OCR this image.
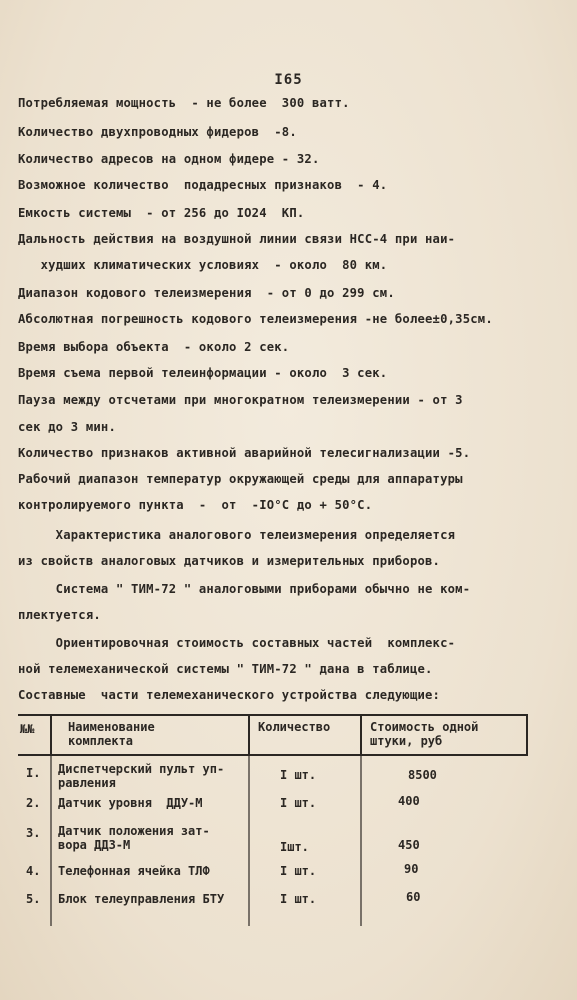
I65
Потребляемая мощность  - не более  300 ватт.
Количество двухпроводных фидеров  -8.
Количество адресов на одном фидере - 32.
Возможное количество  подадресных признаков  - 4.
Емкость системы  - от 256 до IO24  КП.
Дальность действия на воздушной линии связи НСС-4 при наи-
худших климатических условиях  - около  80 км.
Диапазон кодового телеизмерения  - от 0 до 299 см.
Абсолютная погрешность кодового телеизмерения -не более±0,35см.
Время выбора объекта  - около 2 сек.
Время съема первой телеинформации - около  3 сек.
Пауза между отсчетами при многократном телеизмерении - от 3
сек до 3 мин.
Количество признаков активной аварийной телесигнализации -5.
Рабочий диапазон температур окружающей среды для аппаратуры
контролируемого пункта  -  от  -IO°C до + 50°C.
Характеристика аналогового телеизмерения определяется
из свойств аналоговых датчиков и измерительных приборов.
Система " ТИМ-72 " аналоговыми приборами обычно не ком-
плектуется.
Ориентировочная стоимость составных частей  комплекс-
ной телемеханической системы " ТИМ-72 " дана в таблице.
Составные  части телемеханического устройства следующие:
№№	Наименование
комплекта
Количество	Стоимость одной
штуки, руб
I. Диспетчерский пульт уп-
равления
I шт.	8500
2. Датчик уровня  ДДУ-М	I шт.	400
3. Датчик положения зат-
вора ДДЗ-М	Iшт.	450
4. Телефонная ячейка ТЛФ	I шт.	90
5. Блок телеуправления БТУ	I шт.	60
